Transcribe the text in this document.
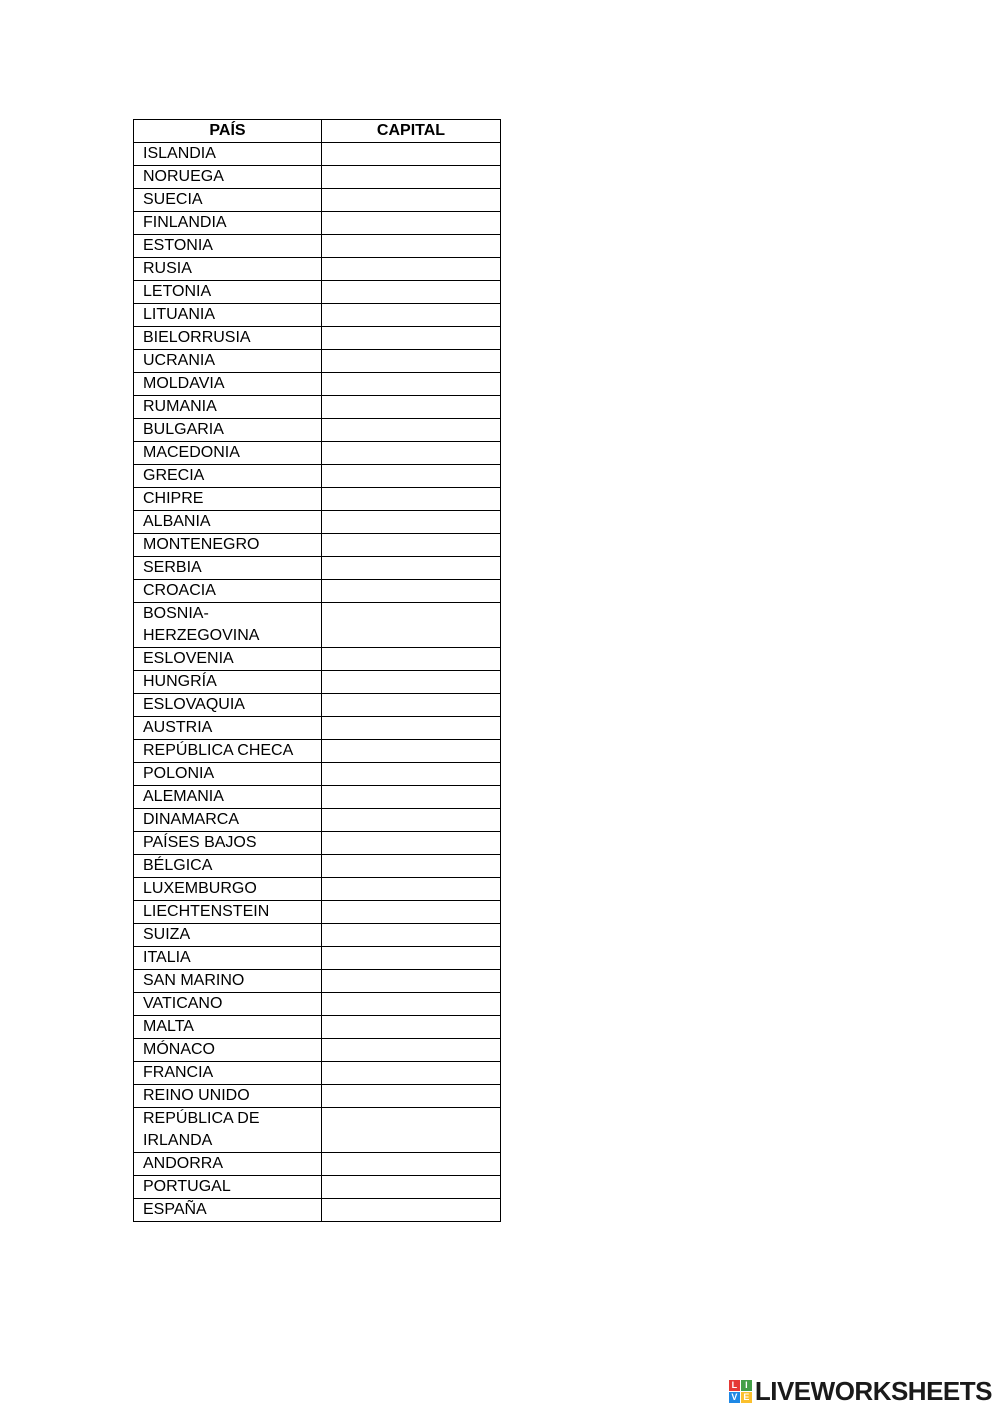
PAÍS	CAPITAL
ISLANDIA	

NORUEGA	

SUECIA	

FINLANDIA	

ESTONIA	

RUSIA	

LETONIA	

LITUANIA	

BIELORRUSIA	

UCRANIA	

MOLDAVIA	

RUMANIA	

BULGARIA	

MACEDONIA	

GRECIA	

CHIPRE	

ALBANIA	

MONTENEGRO	

SERBIA	

CROACIA	

BOSNIA-
HERZEGOVINA	

ESLOVENIA	

HUNGRÍA	

ESLOVAQUIA	

AUSTRIA	

REPÚBLICA CHECA	

POLONIA	

ALEMANIA	

DINAMARCA	

PAÍSES BAJOS	

BÉLGICA	

LUXEMBURGO	

LIECHTENSTEIN	

SUIZA	

ITALIA	

SAN MARINO	

VATICANO	

MALTA	

MÓNACO	

FRANCIA	

REINO UNIDO	

REPÚBLICA DE
IRLANDA	

ANDORRA	

PORTUGAL	

ESPAÑA	
L I
V E LIVEWORKSHEETS
